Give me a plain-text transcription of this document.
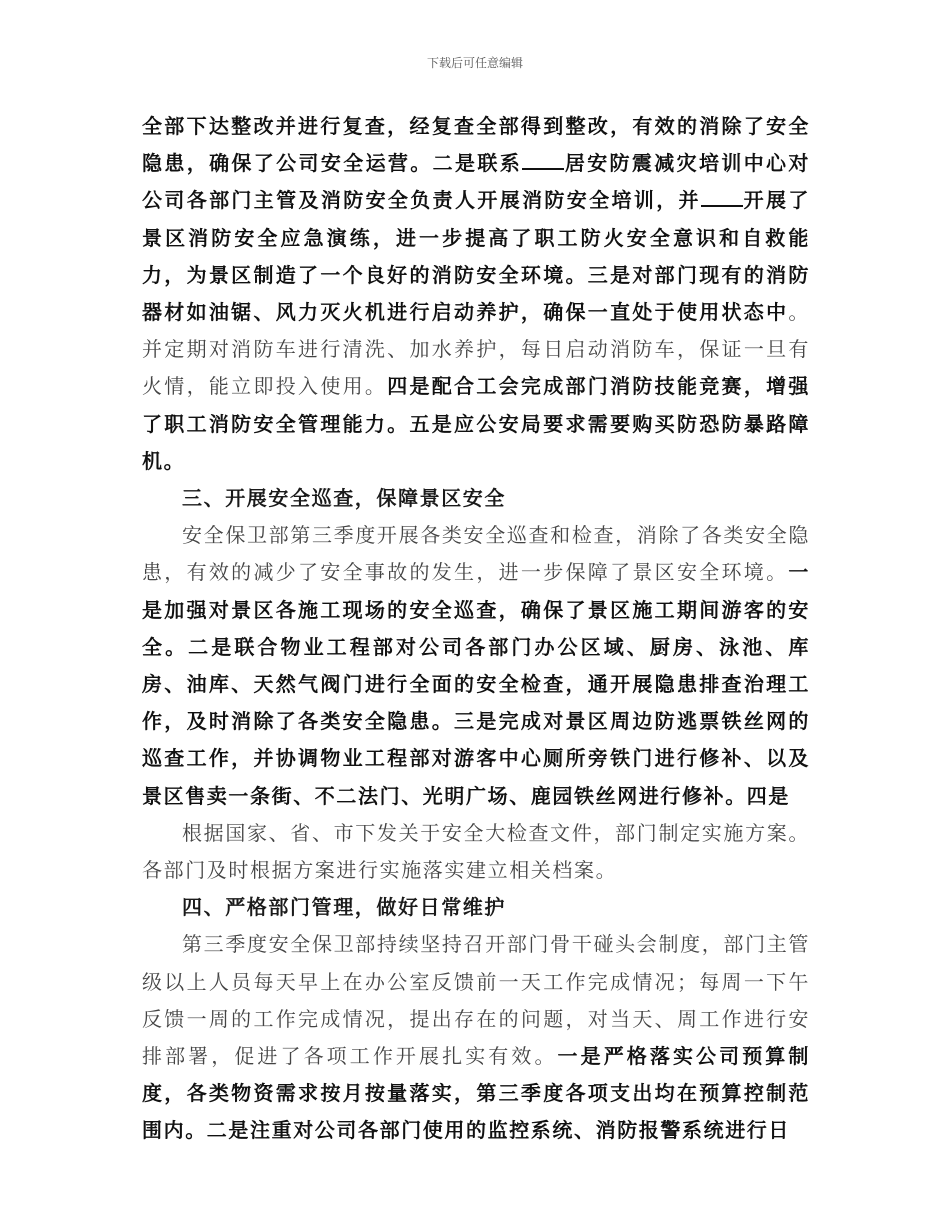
下载后可任意编辑

全部下达整改并进行复查，经复查全部得到整改，有效的消除了安全隐患，确保了公司安全运营。二是联系 居安防震减灾培训中心对公司各部门主管及消防安全负责人开展消防安全培训，并 开展了景区消防安全应急演练，进一步提高了职工防火安全意识和自救能力，为景区制造了一个良好的消防安全环境。三是对部门现有的消防器材如油锯、风力灭火机进行启动养护，确保一直处于使用状态中。并定期对消防车进行清洗、加水养护，每日启动消防车，保证一旦有火情，能立即投入使用。四是配合工会完成部门消防技能竞赛，增强了职工消防安全管理能力。五是应公安局要求需要购买防恐防暴路障机。

三、开展安全巡查，保障景区安全

安全保卫部第三季度开展各类安全巡查和检查，消除了各类安全隐患，有效的减少了安全事故的发生，进一步保障了景区安全环境。一是加强对景区各施工现场的安全巡查，确保了景区施工期间游客的安全。二是联合物业工程部对公司各部门办公区域、厨房、泳池、库房、油库、天然气阀门进行全面的安全检查，通开展隐患排查治理工作，及时消除了各类安全隐患。三是完成对景区周边防逃票铁丝网的巡查工作，并协调物业工程部对游客中心厕所旁铁门进行修补、以及景区售卖一条街、不二法门、光明广场、鹿园铁丝网进行修补。四是

根据国家、省、市下发关于安全大检查文件，部门制定实施方案。各部门及时根据方案进行实施落实建立相关档案。

四、严格部门管理，做好日常维护

第三季度安全保卫部持续坚持召开部门骨干碰头会制度，部门主管级以上人员每天早上在办公室反馈前一天工作完成情况；每周一下午反馈一周的工作完成情况，提出存在的问题，对当天、周工作进行安排部署，促进了各项工作开展扎实有效。一是严格落实公司预算制度，各类物资需求按月按量落实，第三季度各项支出均在预算控制范围内。二是注重对公司各部门使用的监控系统、消防报警系统进行日
